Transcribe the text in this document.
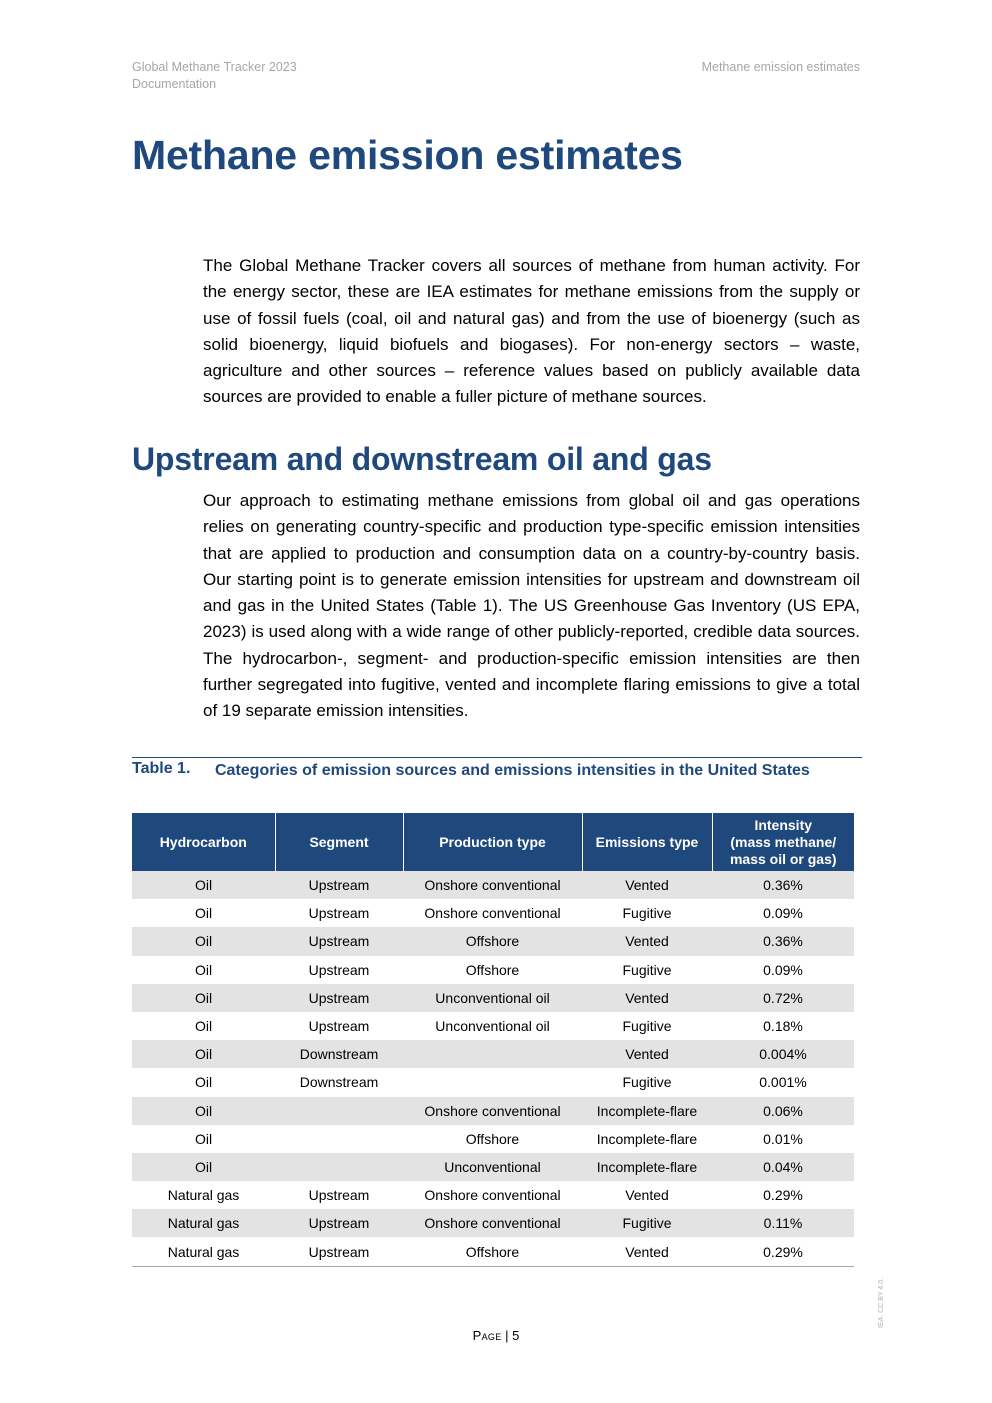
Global Methane Tracker 2023
Documentation
Methane emission estimates
Methane emission estimates

The Global Methane Tracker covers all sources of methane from human activity. For the energy sector, these are IEA estimates for methane emissions from the supply or use of fossil fuels (coal, oil and natural gas) and from the use of bioenergy (such as solid bioenergy, liquid biofuels and biogases). For non-energy sectors – waste, agriculture and other sources – reference values based on publicly available data sources are provided to enable a fuller picture of methane sources.

Upstream and downstream oil and gas

Our approach to estimating methane emissions from global oil and gas operations relies on generating country-specific and production type-specific emission intensities that are applied to production and consumption data on a country-by-country basis. Our starting point is to generate emission intensities for upstream and downstream oil and gas in the United States (Table 1). The US Greenhouse Gas Inventory (US EPA, 2023) is used along with a wide range of other publicly-reported, credible data sources. The hydrocarbon-, segment- and production-specific emission intensities are then further segregated into fugitive, vented and incomplete flaring emissions to give a total of 19 separate emission intensities.

Table 1. Categories of emission sources and emissions intensities in the United States
Hydrocarbon	Segment	Production type	Emissions type	Intensity
(mass methane/
mass oil or gas)

Oil	Upstream	Onshore conventional	Vented	0.36%
Oil	Upstream	Onshore conventional	Fugitive	0.09%
Oil	Upstream	Offshore	Vented	0.36%
Oil	Upstream	Offshore	Fugitive	0.09%
Oil	Upstream	Unconventional oil	Vented	0.72%
Oil	Upstream	Unconventional oil	Fugitive	0.18%
Oil	Downstream		Vented	0.004%
Oil	Downstream		Fugitive	0.001%
Oil		Onshore conventional	Incomplete-flare	0.06%
Oil		Offshore	Incomplete-flare	0.01%
Oil		Unconventional	Incomplete-flare	0.04%
Natural gas	Upstream	Onshore conventional	Vented	0.29%
Natural gas	Upstream	Onshore conventional	Fugitive	0.11%
Natural gas	Upstream	Offshore	Vented	0.29%
Page | 5
IEA. CC BY 4.0.
